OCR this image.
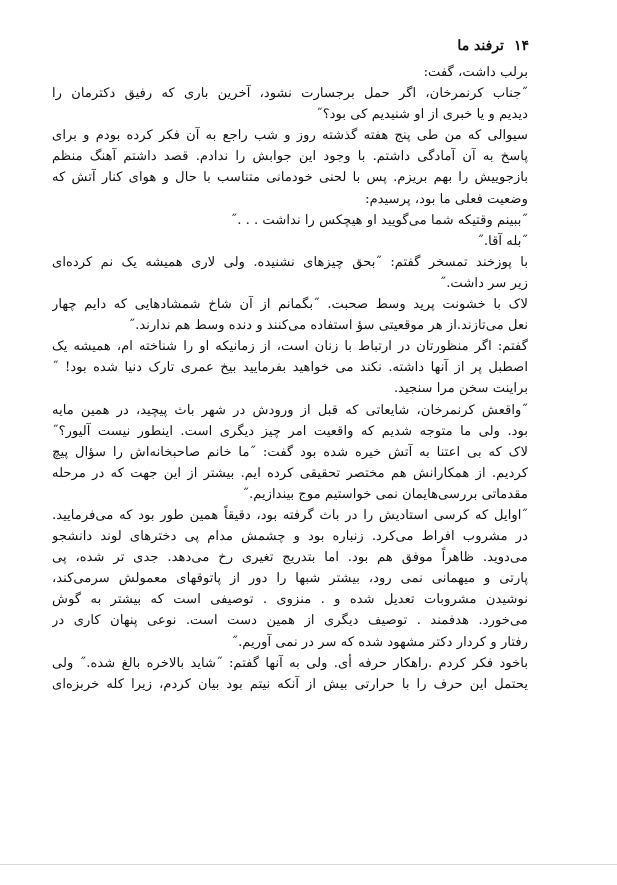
١۴
ترفند ما
برلب داشت، گفت:
˝جناب کرنمرخان، اگر حمل برجسارت نشود، آخرین باری که رفیق دکترمان را
دیدیم و یا خبری از او شنیدیم کی بود؟˝
سیوالی که من طی پنج هفته گذشته روز و شب راجع به آن فکر کرده بودم و برای
پاسخ به آن آمادگی داشتم. با وجود این جوابش را ندادم. قصد داشتم آهنگ منظم
بازجوییش را بهم بریزم. پس با لحنی خودمانی متناسب با حال و هوای کنار آتش که
وضعیت فعلی ما بود، پرسیدم:
˝ببینم وقتیکه شما می‌گویید او هیچکس را نداشت . . .˝
˝بله آقا.˝
با پوزخند تمسخر گفتم: ˝بحق چیزهای نشنیده. ولی لاری همیشه یک نم کرده‌ای
زیر سر داشت.˝
لاک با خشونت پرید وسط صحبت. ˝بگمانم از آن شاخ شمشادهایی که دایم چهار
نعل می‌تازند.از هر موقعیتی سو‌ٔ استفاده می‌کنند و دنده وسط هم ندارند.˝
گفتم: اگر منظورتان در ارتباط با زنان است، از زمانیکه او را شناخته ام، همیشه یک
اصطبل پر از آنها داشته. نکند می خواهید بفرمایید بیخ عمری تارک دنیا شده بود! ˝
براینت سخن مرا سنجید.
˝واقعش کرنمرخان، شایعاتی که قبل از ورودش در شهر باث پیچید، در همین مایه
بود. ولی ما متوجه شدیم که واقعیت امر چیز دیگری است. اینطور نیست آلیور؟˝
لاک که بی اعتنا به آتش خیره شده بود گفت: ˝ما خانم صاحبخانه‌اش را سؤال پیچ
کردیم. از همکارانش هم مختصر تحقیقی کرده ایم. بیشتر از این جهت که در مرحله
مقدماتی بررسی‌هایمان نمی خواستیم موج بیندازیم.˝
˝اوایل که کرسی استادیش را در باث گرفته بود، دقیقاً همین طور بود که می‌فرمایید.
در مشروب افراط می‌کرد. زنباره بود و چشمش مدام پی دخترهای لوند دانشجو
می‌دوید. ظاهراً موفق هم بود. اما بتدریج تغیری رخ می‌دهد. جدی تر شده، پی
پارتی و میهمانی نمی رود، بیشتر شبها را دور از پاتوقهای معمولش سرمی‌کند،
نوشیدن مشروبات تعدیل شده و . منزوی . توصیفی است که بیشتر به گوش
می‌خورد. هدفمند . توصیف دیگری از همین دست است. نوعی پنهان کاری در
رفتار و کردار دکتر مشهود شده که سر در نمی آوریم.˝
باخود فکر کردم .راهکار حرفه أی. ولی به آنها گفتم: ˝شاید بالاخره بالغ شده.˝ ولی
یحتمل این حرف را با حرارتی بیش از آنکه نیتم بود بیان کردم، زیرا کله خربزه‌ای
